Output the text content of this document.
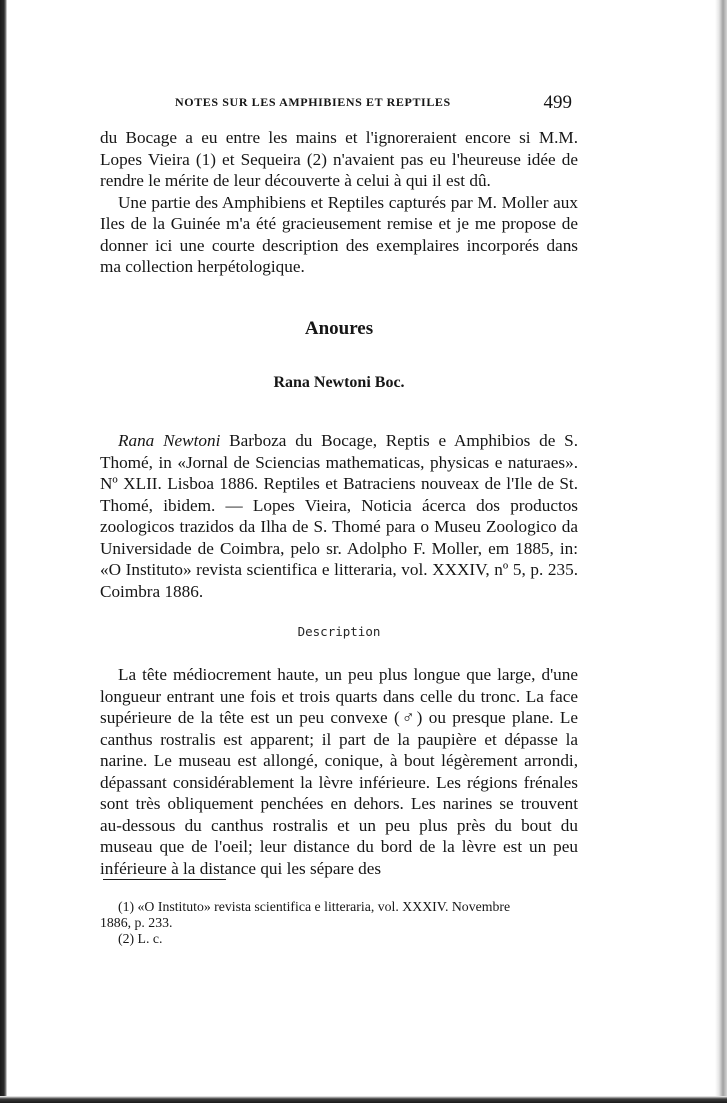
NOTES SUR LES AMPHIBIENS ET REPTILES	499

du Bocage a eu entre les mains et l'ignoreraient encore si M.M. Lopes Vieira (1) et Sequeira (2) n'avaient pas eu l'heureuse idée de rendre le mérite de leur découverte à celui à qui il est dû.

Une partie des Amphibiens et Reptiles capturés par M. Moller aux Iles de la Guinée m'a été gracieusement remise et je me propose de donner ici une courte description des exemplaires incorporés dans ma collection herpétologique.

Anoures
Rana Newtoni Boc.

Rana Newtoni Barboza du Bocage, Reptis e Amphibios de S. Thomé, in «Jornal de Sciencias mathematicas, physicas e naturaes». Nº XLII. Lisboa 1886. Reptiles et Batraciens nouveax de l'Ile de St. Thomé, ibidem. — Lopes Vieira, Noticia ácerca dos productos zoologicos trazidos da Ilha de S. Thomé para o Museu Zoologico da Universidade de Coimbra, pelo sr. Adolpho F. Moller, em 1885, in: «O Instituto» revista scientifica e litteraria, vol. XXXIV, nº 5, p. 235. Coimbra 1886.

Description

La tête médiocrement haute, un peu plus longue que large, d'une longueur entrant une fois et trois quarts dans celle du tronc. La face supérieure de la tête est un peu convexe (♂) ou presque plane. Le canthus rostralis est apparent; il part de la paupière et dépasse la narine. Le museau est allongé, conique, à bout légèrement arrondi, dépassant considérablement la lèvre inférieure. Les régions frénales sont très obliquement penchées en dehors. Les narines se trouvent au-dessous du canthus rostralis et un peu plus près du bout du museau que de l'oeil; leur distance du bord de la lèvre est un peu inférieure à la distance qui les sépare des

(1) «O Instituto» revista scientifica e litteraria, vol. XXXIV. Novembre

1886, p. 233.

(2) L. c.
